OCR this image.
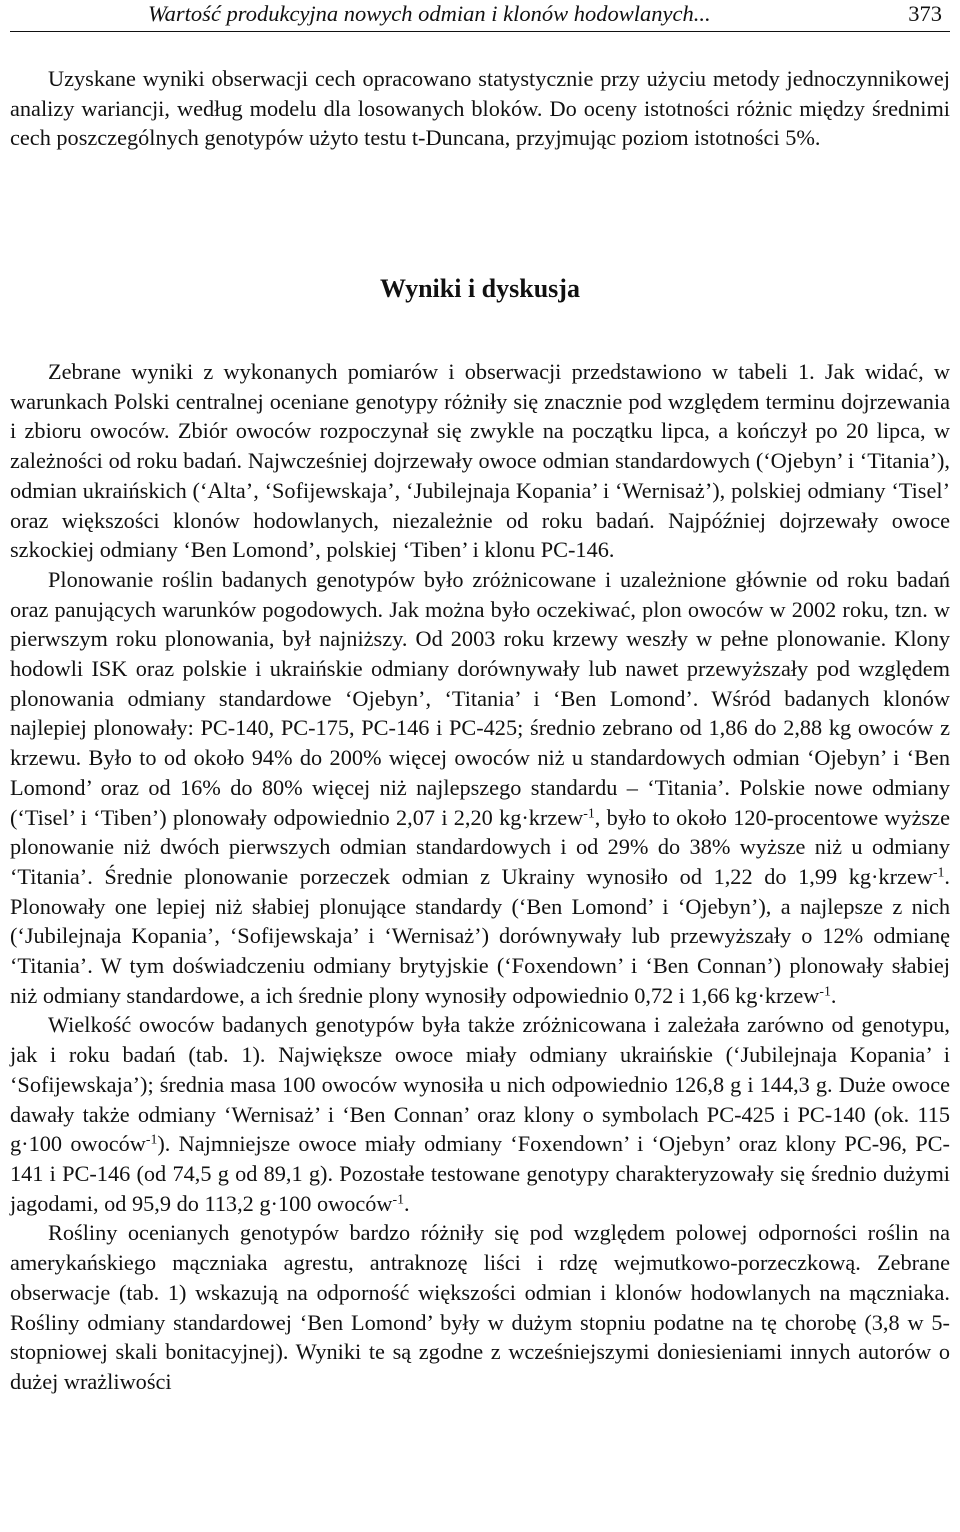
Wartość produkcyjna nowych odmian i klonów hodowlanych...	373

Uzyskane wyniki obserwacji cech opracowano statystycznie przy użyciu metody jednoczynnikowej analizy wariancji, według modelu dla losowanych bloków. Do oceny istotności różnic między średnimi cech poszczególnych genotypów użyto testu t-Duncana, przyjmując poziom istotności 5%.

Wyniki i dyskusja

Zebrane wyniki z wykonanych pomiarów i obserwacji przedstawiono w tabeli 1. Jak widać, w warunkach Polski centralnej oceniane genotypy różniły się znacznie pod względem terminu dojrzewania i zbioru owoców. Zbiór owoców rozpoczynał się zwykle na początku lipca, a kończył po 20 lipca, w zależności od roku badań. Najwcześniej dojrzewały owoce odmian standardowych (‘Ojebyn’ i ‘Titania’), odmian ukraińskich (‘Alta’, ‘Sofijewskaja’, ‘Jubilejnaja Kopania’ i ‘Wernisaż’), polskiej odmiany ‘Tisel’ oraz większości klonów hodowlanych, niezależnie od roku badań. Najpóźniej dojrzewały owoce szkockiej odmiany ‘Ben Lomond’, polskiej ‘Tiben’ i klonu PC-146.

Plonowanie roślin badanych genotypów było zróżnicowane i uzależnione głównie od roku badań oraz panujących warunków pogodowych. Jak można było oczekiwać, plon owoców w 2002 roku, tzn. w pierwszym roku plonowania, był najniższy. Od 2003 roku krzewy weszły w pełne plonowanie. Klony hodowli ISK oraz polskie i ukraińskie odmiany dorównywały lub nawet przewyższały pod względem plonowania odmiany standardowe ‘Ojebyn’, ‘Titania’ i ‘Ben Lomond’. Wśród badanych klonów najlepiej plonowały: PC-140, PC-175, PC-146 i PC-425; średnio zebrano od 1,86 do 2,88 kg owoców z krzewu. Było to od około 94% do 200% więcej owoców niż u standardowych odmian ‘Ojebyn’ i ‘Ben Lomond’ oraz od 16% do 80% więcej niż najlepszego standardu – ‘Titania’. Polskie nowe odmiany (‘Tisel’ i ‘Tiben’) plonowały odpowiednio 2,07 i 2,20 kg·krzew$^{-1}$, było to około 120-procentowe wyższe plonowanie niż dwóch pierwszych odmian standardowych i od 29% do 38% wyższe niż u odmiany ‘Titania’. Średnie plonowanie porzeczek odmian z Ukrainy wynosiło od 1,22 do 1,99 kg·krzew$^{-1}$. Plonowały one lepiej niż słabiej plonujące standardy (‘Ben Lomond’ i ‘Ojebyn’), a najlepsze z nich (‘Jubilejnaja Kopania’, ‘Sofijewskaja’ i ‘Wernisaż’) dorównywały lub przewyższały o 12% odmianę ‘Titania’. W tym doświadczeniu odmiany brytyjskie (‘Foxendown’ i ‘Ben Connan’) plonowały słabiej niż odmiany standardowe, a ich średnie plony wynosiły odpowiednio 0,72 i 1,66 kg·krzew$^{-1}$.

Wielkość owoców badanych genotypów była także zróżnicowana i zależała zarówno od genotypu, jak i roku badań (tab. 1). Największe owoce miały odmiany ukraińskie (‘Jubilejnaja Kopania’ i ‘Sofijewskaja’); średnia masa 100 owoców wynosiła u nich odpowiednio 126,8 g i 144,3 g. Duże owoce dawały także odmiany ‘Wernisaż’ i ‘Ben Connan’ oraz klony o symbolach PC-425 i PC-140 (ok. 115 g·100 owoców$^{-1}$). Najmniejsze owoce miały odmiany ‘Foxendown’ i ‘Ojebyn’ oraz klony PC-96, PC-141 i PC-146 (od 74,5 g od 89,1 g). Pozostałe testowane genotypy charakteryzowały się średnio dużymi jagodami, od 95,9 do 113,2 g·100 owoców$^{-1}$.

Rośliny ocenianych genotypów bardzo różniły się pod względem polowej odporności roślin na amerykańskiego mączniaka agrestu, antraknozę liści i rdzę wejmutkowo-porzeczkową. Zebrane obserwacje (tab. 1) wskazują na odporność większości odmian i klonów hodowlanych na mączniaka. Rośliny odmiany standardowej ‘Ben Lomond’ były w dużym stopniu podatne na tę chorobę (3,8 w 5-stopniowej skali bonitacyjnej). Wyniki te są zgodne z wcześniejszymi doniesieniami innych autorów o dużej wrażliwości
